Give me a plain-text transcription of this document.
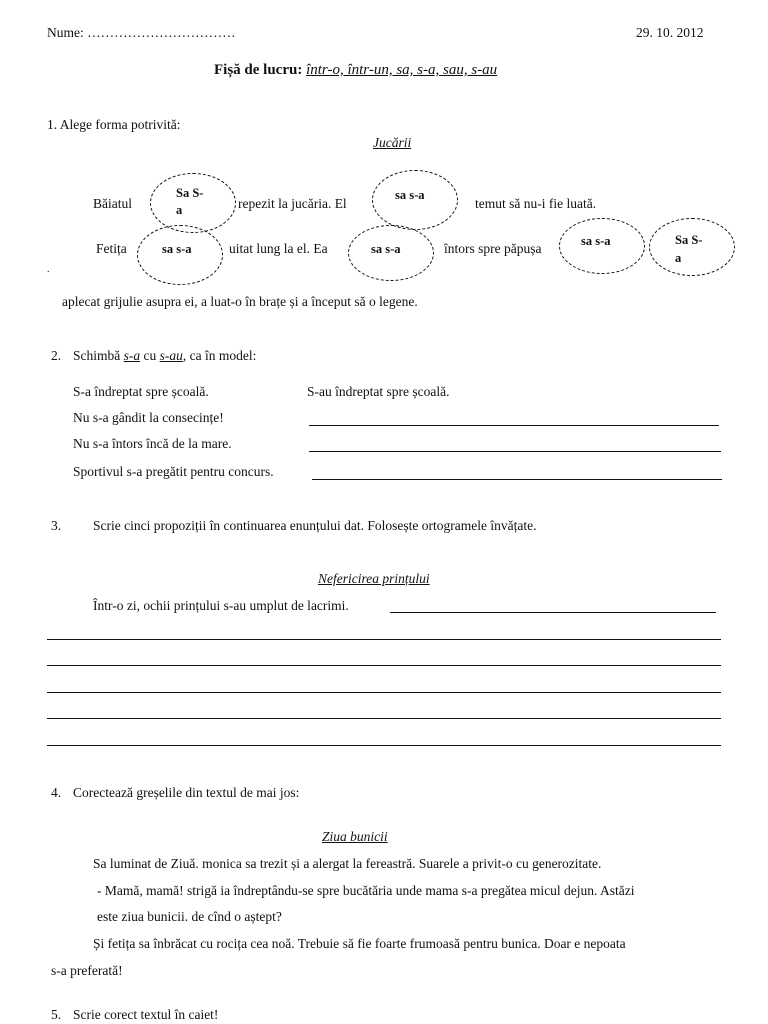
Nume: ……………………………	29. 10. 2012
Fișă de lucru: într-o, într-un, sa, s-a, sau, s-au
1. Alege forma potrivită:
Jucării
Băiatul
Sa S-
a	repezit la jucăria. El
sa s-a
temut să nu-i fie luată.
Fetița	sa s-a	uitat lung la el. Ea	sa s-a	întors spre păpușa	sa s-a	Sa S-
a
.
aplecat grijulie asupra ei, a luat-o în brațe și a început să o legene.
2. Schimbă s-a cu s-au, ca în model:
S-a îndreptat spre școală.	S-au îndreptat spre școală.
Nu s-a gândit la consecințe!
Nu s-a întors încă de la mare.
Sportivul s-a pregătit pentru concurs.
3. Scrie cinci propoziții în continuarea enunțului dat. Folosește ortogramele învățate.
Nefericirea prințului
Într-o zi, ochii prințului s-au umplut de lacrimi.
4. Corectează greșelile din textul de mai jos:
Ziua bunicii
Sa luminat de Ziuă. monica sa trezit și a alergat la fereastră. Suarele a privit-o cu generozitate.
- Mamă, mamă! strigă ia îndreptându-se spre bucătăria unde mama s-a pregătea micul dejun. Astăzi
este ziua bunicii. de cînd o aștept?
Și fetița sa înbrăcat cu rocița cea noă. Trebuie să fie foarte frumoasă pentru bunica. Doar e nepoata
s-a preferată!
5. Scrie corect textul în caiet!
